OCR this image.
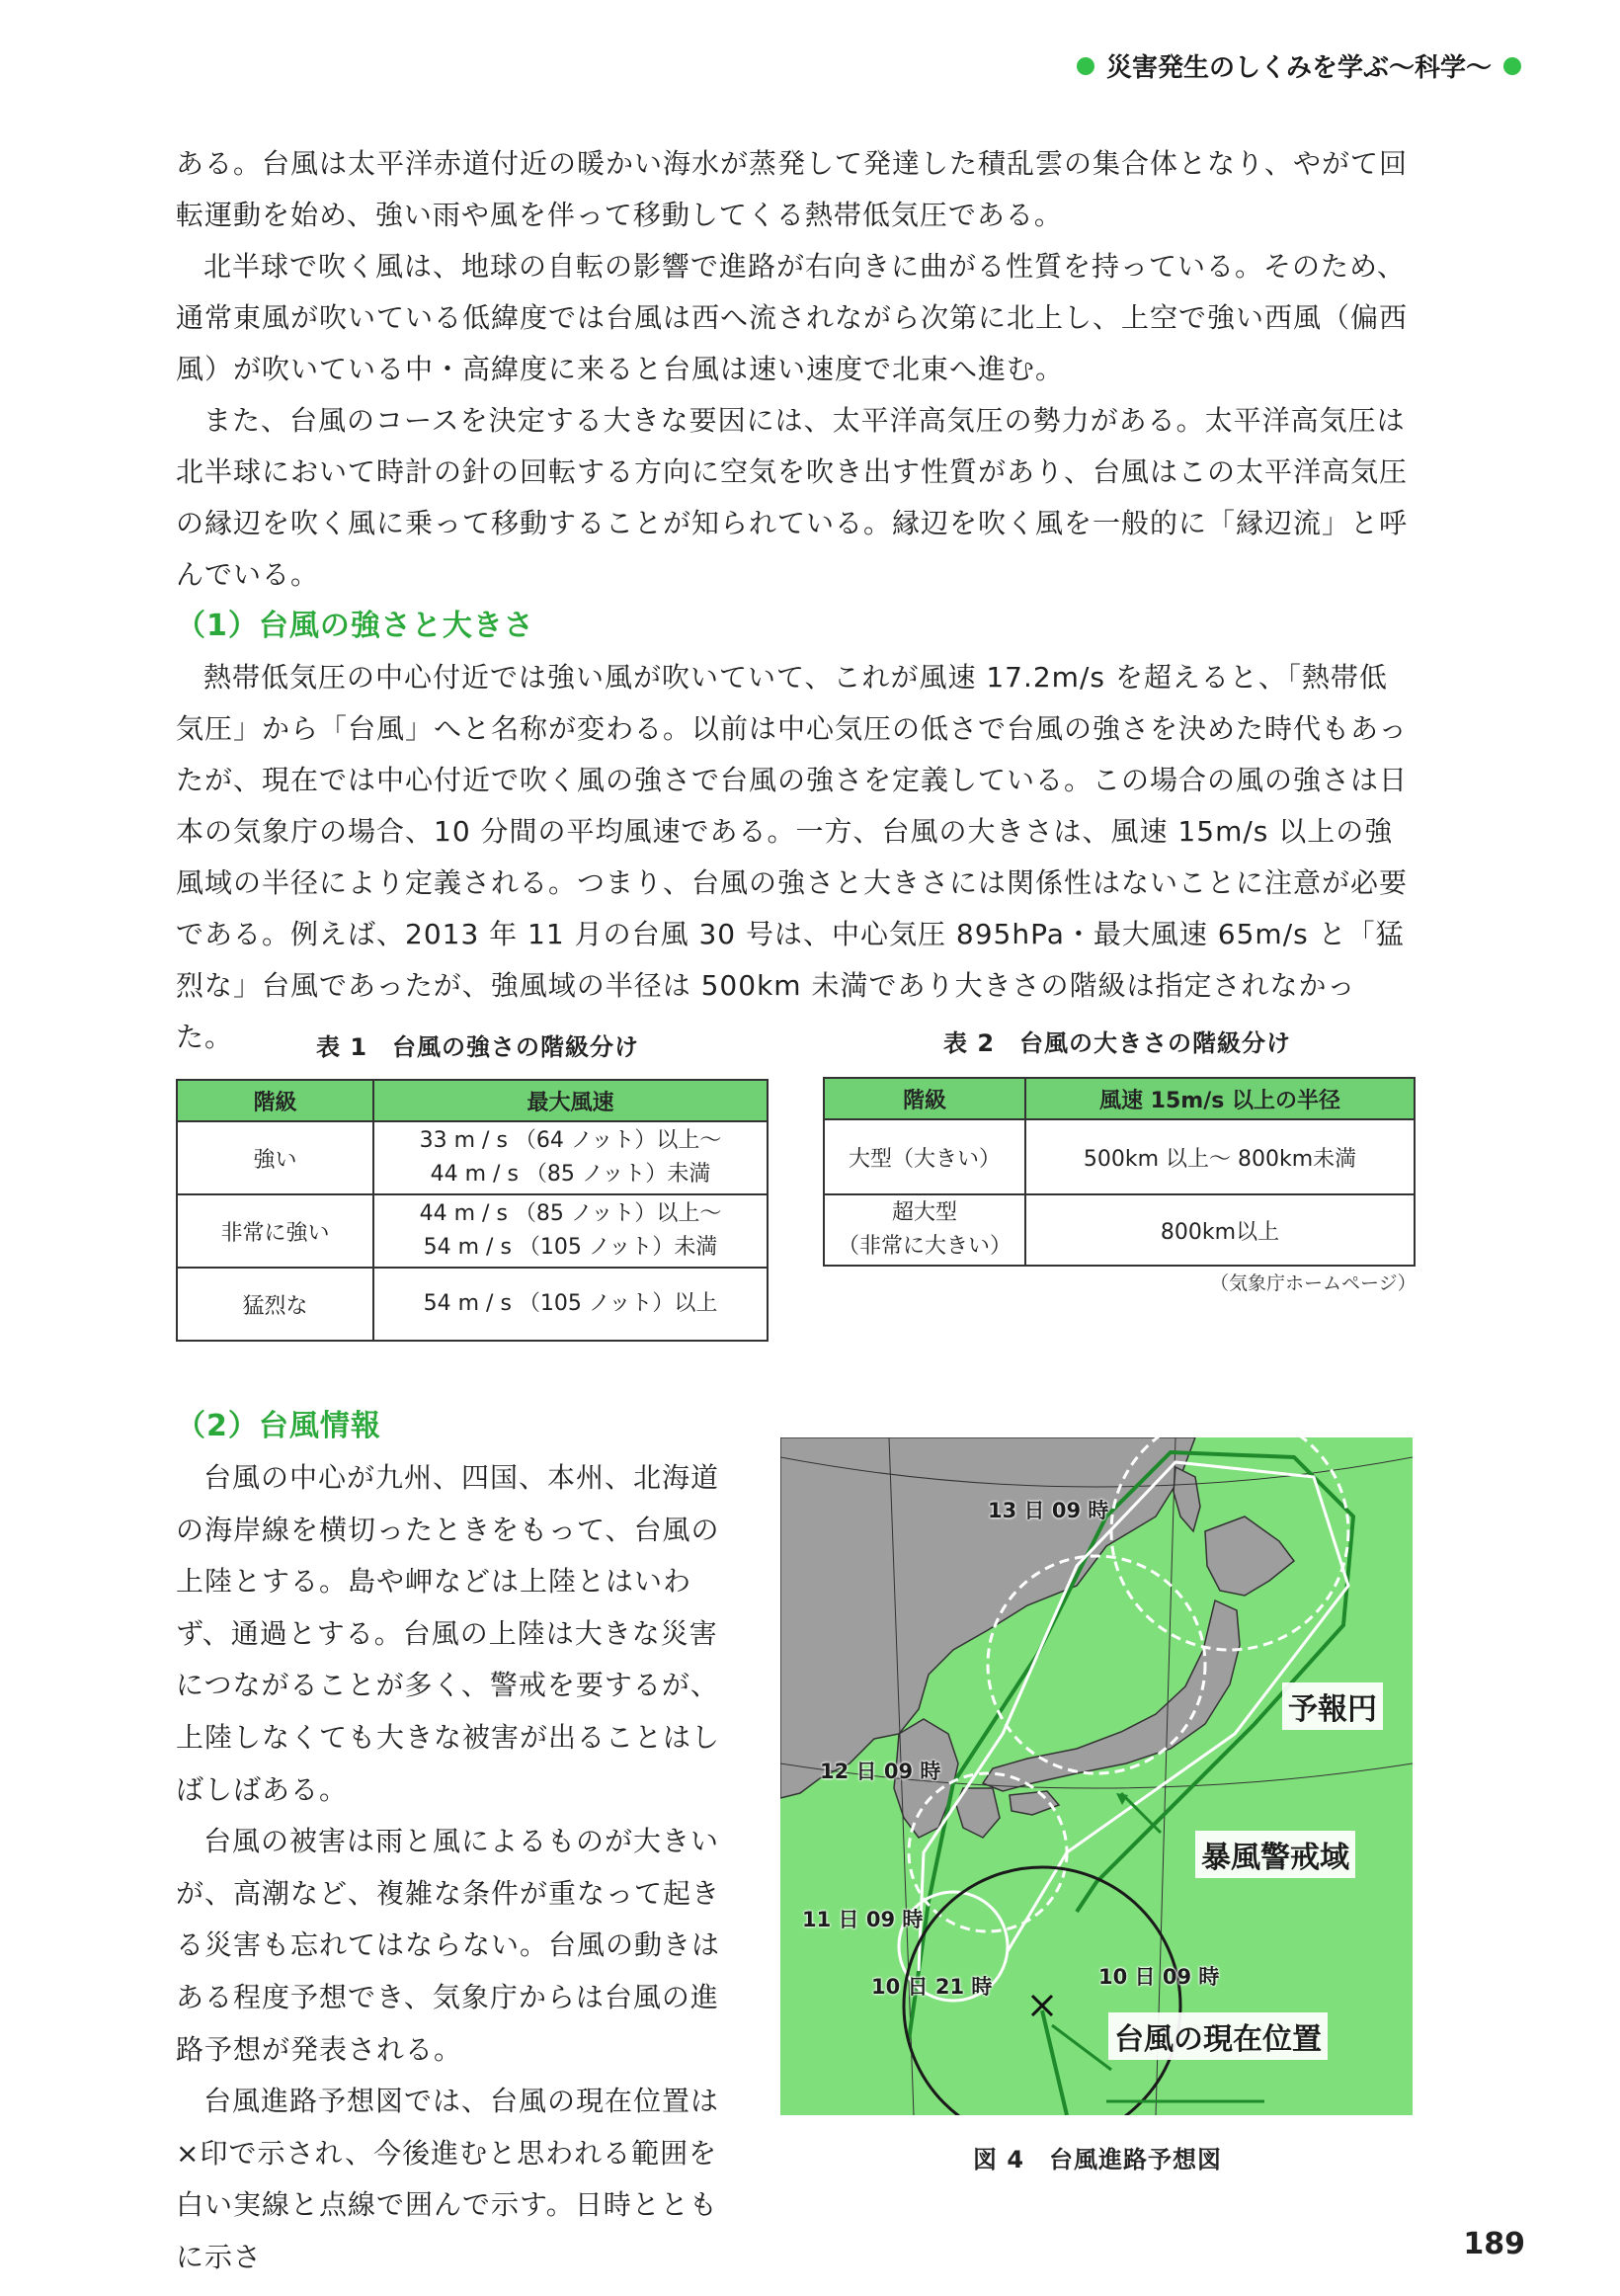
災害発生のしくみを学ぶ〜科学〜

ある。台風は太平洋赤道付近の暖かい海水が蒸発して発達した積乱雲の集合体となり、やがて回転運動を始め、強い雨や風を伴って移動してくる熱帯低気圧である。

北半球で吹く風は、地球の自転の影響で進路が右向きに曲がる性質を持っている。そのため、通常東風が吹いている低緯度では台風は西へ流されながら次第に北上し、上空で強い西風（偏西風）が吹いている中・高緯度に来ると台風は速い速度で北東へ進む。

また、台風のコースを決定する大きな要因には、太平洋高気圧の勢力がある。太平洋高気圧は北半球において時計の針の回転する方向に空気を吹き出す性質があり、台風はこの太平洋高気圧の縁辺を吹く風に乗って移動することが知られている。縁辺を吹く風を一般的に「縁辺流」と呼んでいる。

（1）台風の強さと大きさ

熱帯低気圧の中心付近では強い風が吹いていて、これが風速 17.2m/s を超えると、「熱帯低気圧」から「台風」へと名称が変わる。以前は中心気圧の低さで台風の強さを決めた時代もあったが、現在では中心付近で吹く風の強さで台風の強さを定義している。この場合の風の強さは日本の気象庁の場合、10 分間の平均風速である。一方、台風の大きさは、風速 15m/s 以上の強風域の半径により定義される。つまり、台風の強さと大きさには関係性はないことに注意が必要である。例えば、2013 年 11 月の台風 30 号は、中心気圧 895hPa・最大風速 65m/s と「猛烈な」台風であったが、強風域の半径は 500km 未満であり大きさの階級は指定されなかった。	表 1　台風の強さの階級分け
階級	最大風速
強い	33 m / s （64 ノット）以上〜
44 m / s （85 ノット）未満

非常に強い	44 m / s （85 ノット）以上〜
54 m / s （105 ノット）未満

猛烈な	54 m / s （105 ノット）以上
表 2　台風の大きさの階級分け
階級	風速 15m/s 以上の半径
大型（大きい）	500km 以上〜 800km未満

超大型
（非常に大きい）	800km以上
（気象庁ホームページ）

（2）台風情報

台風の中心が九州、四国、本州、北海道の海岸線を横切ったときをもって、台風の上陸とする。島や岬などは上陸とはいわず、通過とする。台風の上陸は大きな災害につながることが多く、警戒を要するが、上陸しなくても大きな被害が出ることはしばしばある。

台風の被害は雨と風によるものが大きいが、高潮など、複雑な条件が重なって起きる災害も忘れてはならない。台風の動きはある程度予想でき、気象庁からは台風の進路予想が発表される。

台風進路予想図では、台風の現在位置は×印で示され、今後進むと思われる範囲を白い実線と点線で囲んで示す。日時とともに示さ

13 日 09 時
12 日 09 時
11 日 09 時
10 日 21 時	10 日 09 時
予報円
暴風警戒域
台風の現在位置
図 4　台風進路予想図
189
